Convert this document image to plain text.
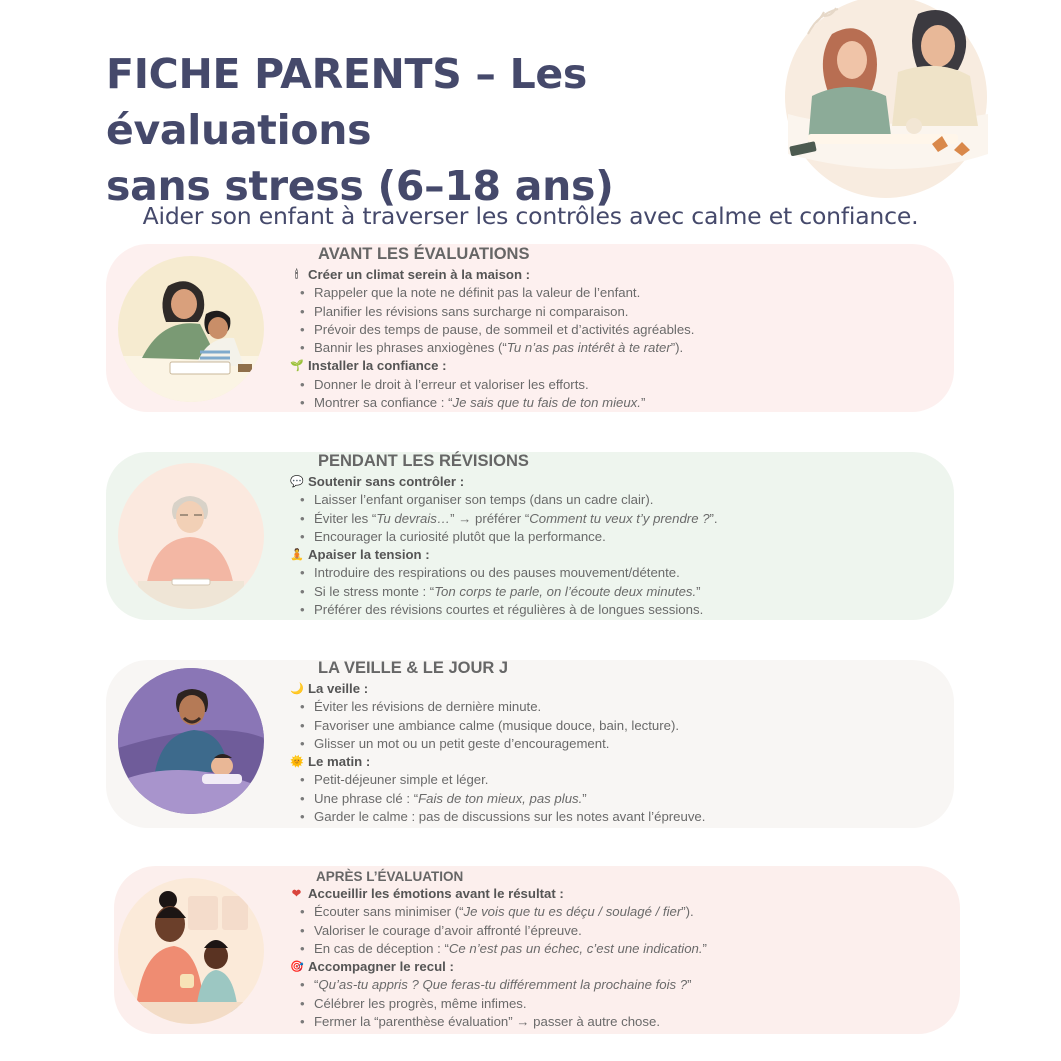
FICHE PARENTS – Les évaluations
sans stress (6–18 ans)

Aider son enfant à traverser les contrôles avec calme et confiance.

AVANT LES ÉVALUATIONS
🕯 Créer un climat serein à la maison :
• Rappeler que la note ne définit pas la valeur de l’enfant.
• Planifier les révisions sans surcharge ni comparaison.
• Prévoir des temps de pause, de sommeil et d’activités agréables.
• Bannir les phrases anxiogènes (“Tu n’as pas intérêt à te rater”).
🌱 Installer la confiance :
• Donner le droit à l’erreur et valoriser les efforts.
• Montrer sa confiance : “Je sais que tu fais de ton mieux.”
PENDANT LES RÉVISIONS
💬 Soutenir sans contrôler :
• Laisser l’enfant organiser son temps (dans un cadre clair).
• Éviter les “Tu devrais…” → préférer “Comment tu veux t’y prendre ?”.
• Encourager la curiosité plutôt que la performance.
🧘 Apaiser la tension :
• Introduire des respirations ou des pauses mouvement/détente.
• Si le stress monte : “Ton corps te parle, on l’écoute deux minutes.”
• Préférer des révisions courtes et régulières à de longues sessions.
LA VEILLE & LE JOUR J
🌙 La veille :
• Éviter les révisions de dernière minute.
• Favoriser une ambiance calme (musique douce, bain, lecture).
• Glisser un mot ou un petit geste d’encouragement.
🌞 Le matin :
• Petit-déjeuner simple et léger.
• Une phrase clé : “Fais de ton mieux, pas plus.”
• Garder le calme : pas de discussions sur les notes avant l’épreuve.
APRÈS L’ÉVALUATION
❤ Accueillir les émotions avant le résultat :
• Écouter sans minimiser (“Je vois que tu es déçu / soulagé / fier”).
• Valoriser le courage d’avoir affronté l’épreuve.
• En cas de déception : “Ce n’est pas un échec, c’est une indication.”
🎯 Accompagner le recul :
• “Qu’as-tu appris ? Que feras-tu différemment la prochaine fois ?”
• Célébrer les progrès, même infimes.
• Fermer la “parenthèse évaluation” → passer à autre chose.
